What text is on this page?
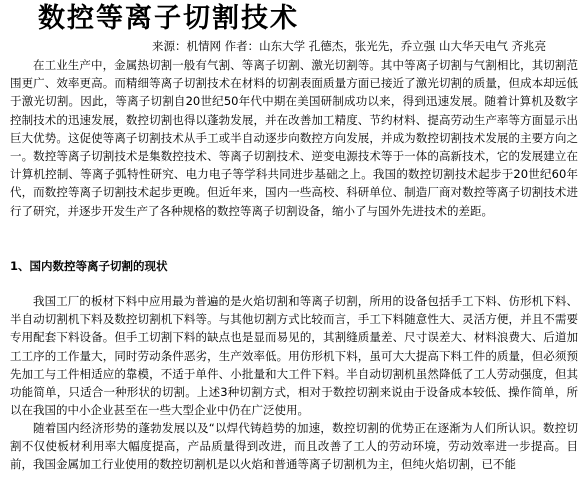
数控等离子切割技术
来源：机情网 作者：山东大学 孔德杰，张光先，乔立强 山大华天电气 齐兆亮

在工业生产中，金属热切割一般有气割、等离子切割、激光切割等。其中等离子切割与气割相比，其切割范围更广、效率更高。而精细等离子切割技术在材料的切割表面质量方面已接近了激光切割的质量，但成本却远低于激光切割。因此，等离子切割自20世纪50年代中期在美国研制成功以来，得到迅速发展。随着计算机及数字控制技术的迅速发展，数控切割也得以蓬勃发展，并在改善加工精度、节约材料、提高劳动生产率等方面显示出巨大优势。这促使等离子切割技术从手工或半自动逐步向数控方向发展，并成为数控切割技术发展的主要方向之一。数控等离子切割技术是集数控技术、等离子切割技术、逆变电源技术等于一体的高新技术，它的发展建立在计算机控制、等离子弧特性研究、电力电子等学科共同进步基础之上。我国的数控切割技术起步于20世纪60年代，而数控等离子切割技术起步更晚。但近年来，国内一些高校、科研单位、制造厂商对数控等离子切割技术进行了研究，并逐步开发生产了各种规格的数控等离子切割设备，缩小了与国外先进技术的差距。

1、国内数控等离子切割的现状

我国工厂的板材下料中应用最为普遍的是火焰切割和等离子切割，所用的设备包括手工下料、仿形机下料、半自动切割机下料及数控切割机下料等。与其他切割方式比较而言，手工下料随意性大、灵活方便，并且不需要专用配套下料设备。但手工切割下料的缺点也是显而易见的，其割缝质量差、尺寸误差大、材料浪费大、后道加工工序的工作量大，同时劳动条件恶劣，生产效率低。用仿形机下料，虽可大大提高下料工件的质量，但必须预先加工与工件相适应的靠模，不适于单件、小批量和大工件下料。半自动切割机虽然降低了工人劳动强度，但其功能简单，只适合一种形状的切割。上述3种切割方式，相对于数控切割来说由于设备成本较低、操作简单，所以在我国的中小企业甚至在一些大型企业中仍在广泛使用。

随着国内经济形势的蓬勃发展以及“以焊代铸趋势的加速，数控切割的优势正在逐渐为人们所认识。数控切割不仅使板材利用率大幅度提高，产品质量得到改进，而且改善了工人的劳动环境，劳动效率进一步提高。目前，我国金属加工行业使用的数控切割机是以火焰和普通等离子切割机为主，但纯火焰切割，已不能
